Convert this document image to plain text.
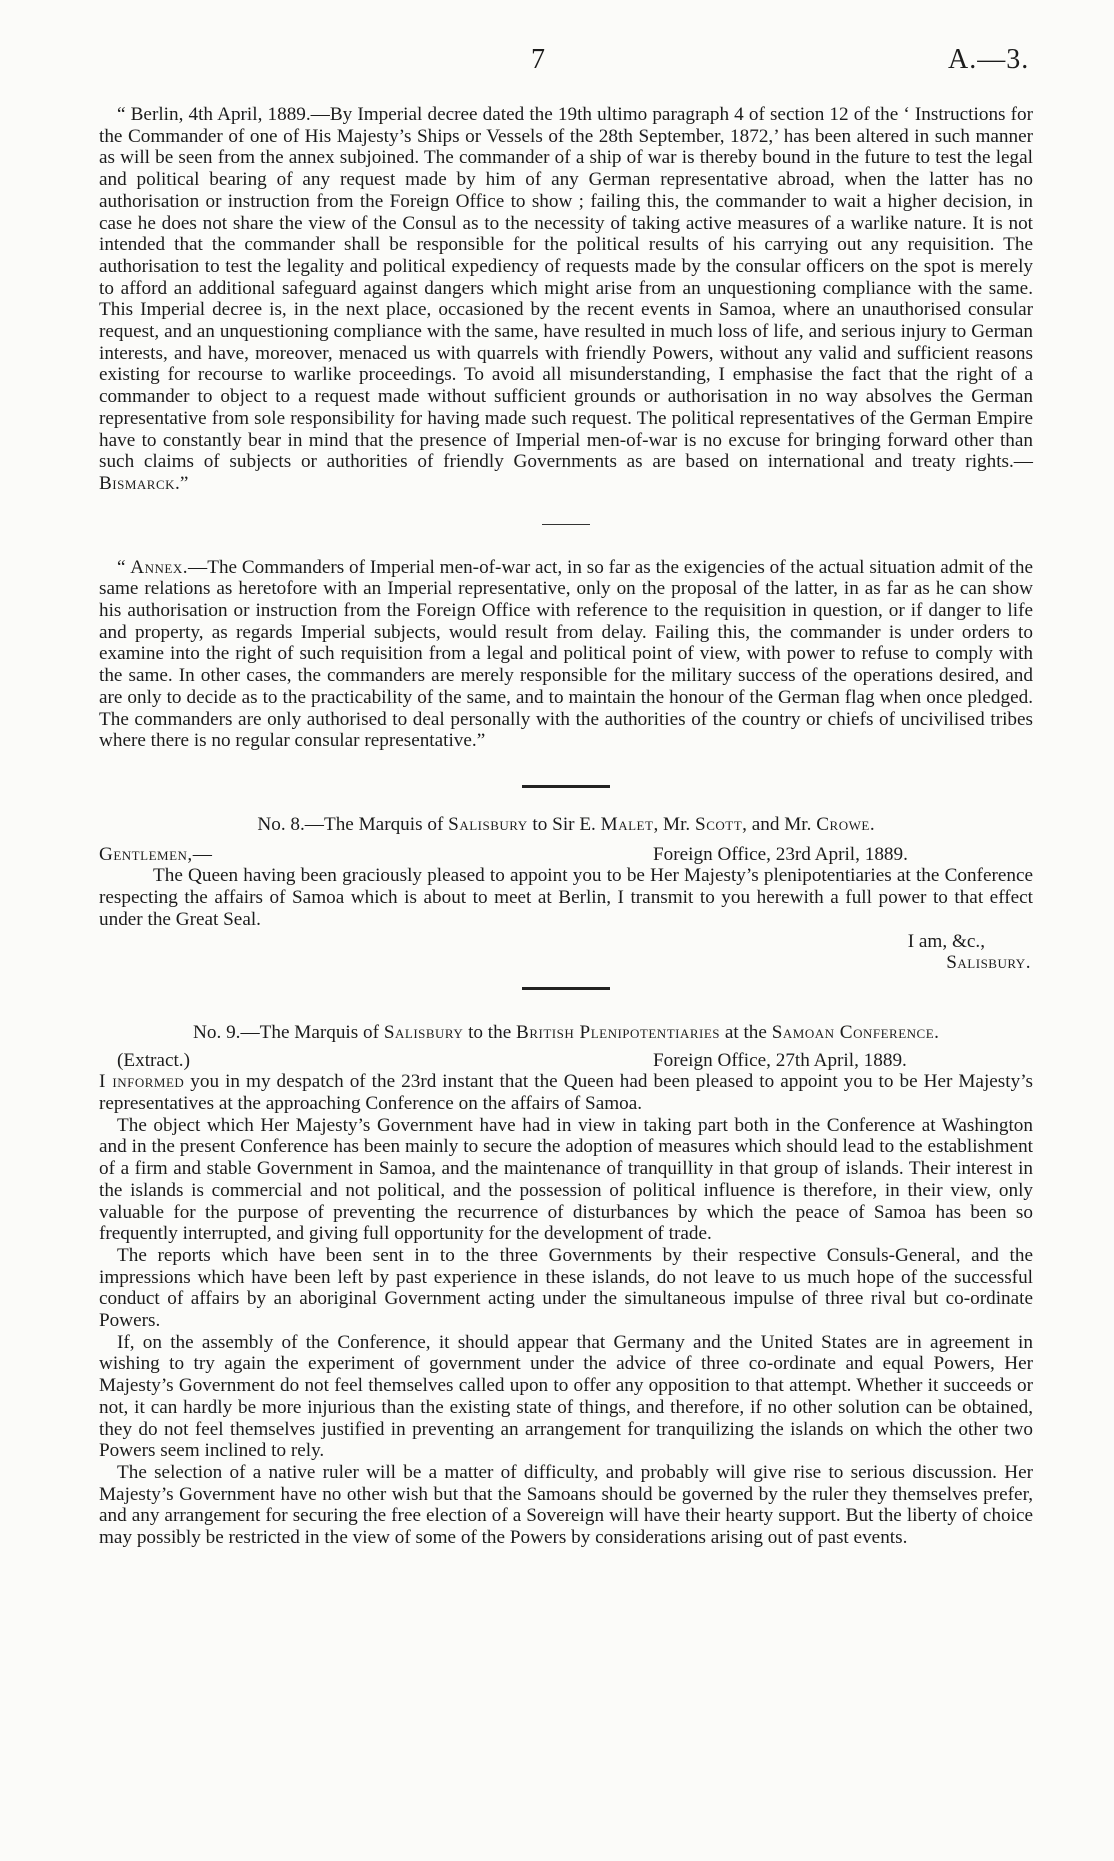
7	A.—3.

“ Berlin, 4th April, 1889.—By Imperial decree dated the 19th ultimo paragraph 4 of section 12 of the ‘ Instructions for the Commander of one of His Majesty’s Ships or Vessels of the 28th September, 1872,’ has been altered in such manner as will be seen from the annex subjoined. The commander of a ship of war is thereby bound in the future to test the legal and political bearing of any request made by him of any German representative abroad, when the latter has no authorisation or instruction from the Foreign Office to show ; failing this, the commander to wait a higher decision, in case he does not share the view of the Consul as to the necessity of taking active measures of a warlike nature. It is not intended that the commander shall be responsible for the political results of his carrying out any requisition. The authorisation to test the legality and political expediency of requests made by the consular officers on the spot is merely to afford an additional safeguard against dangers which might arise from an unquestioning compliance with the same. This Imperial decree is, in the next place, occasioned by the recent events in Samoa, where an unauthorised consular request, and an unquestioning compliance with the same, have resulted in much loss of life, and serious injury to German interests, and have, moreover, menaced us with quarrels with friendly Powers, without any valid and sufficient reasons existing for recourse to warlike proceedings. To avoid all misunderstanding, I emphasise the fact that the right of a commander to object to a request made without sufficient grounds or authorisation in no way absolves the German representative from sole responsibility for having made such request. The political representatives of the German Empire have to constantly bear in mind that the presence of Imperial men-of-war is no excuse for bringing forward other than such claims of subjects or authorities of friendly Governments as are based on international and treaty rights.—Bismarck.”

“ Annex.—The Commanders of Imperial men-of-war act, in so far as the exigencies of the actual situation admit of the same relations as heretofore with an Imperial representative, only on the proposal of the latter, in as far as he can show his authorisation or instruction from the Foreign Office with reference to the requisition in question, or if danger to life and property, as regards Imperial subjects, would result from delay. Failing this, the commander is under orders to examine into the right of such requisition from a legal and political point of view, with power to refuse to comply with the same. In other cases, the commanders are merely responsible for the military success of the operations desired, and are only to decide as to the practicability of the same, and to maintain the honour of the German flag when once pledged. The commanders are only authorised to deal personally with the authorities of the country or chiefs of uncivilised tribes where there is no regular consular representative.”

No. 8.—The Marquis of Salisbury to Sir E. Malet, Mr. Scott, and Mr. Crowe.
Gentlemen,—	Foreign Office, 23rd April, 1889.

The Queen having been graciously pleased to appoint you to be Her Majesty’s plenipotentiaries at the Conference respecting the affairs of Samoa which is about to meet at Berlin, I transmit to you herewith a full power to that effect under the Great Seal.

I am, &c.,
Salisbury.
No. 9.—The Marquis of Salisbury to the British Plenipotentiaries at the Samoan Conference.
(Extract.)	Foreign Office, 27th April, 1889.

I informed you in my despatch of the 23rd instant that the Queen had been pleased to appoint you to be Her Majesty’s representatives at the approaching Conference on the affairs of Samoa.

The object which Her Majesty’s Government have had in view in taking part both in the Conference at Washington and in the present Conference has been mainly to secure the adoption of measures which should lead to the establishment of a firm and stable Government in Samoa, and the maintenance of tranquillity in that group of islands. Their interest in the islands is commercial and not political, and the possession of political influence is therefore, in their view, only valuable for the purpose of preventing the recurrence of disturbances by which the peace of Samoa has been so frequently interrupted, and giving full opportunity for the development of trade.

The reports which have been sent in to the three Governments by their respective Consuls-General, and the impressions which have been left by past experience in these islands, do not leave to us much hope of the successful conduct of affairs by an aboriginal Government acting under the simultaneous impulse of three rival but co-ordinate Powers.

If, on the assembly of the Conference, it should appear that Germany and the United States are in agreement in wishing to try again the experiment of government under the advice of three co-ordinate and equal Powers, Her Majesty’s Government do not feel themselves called upon to offer any opposition to that attempt. Whether it succeeds or not, it can hardly be more injurious than the existing state of things, and therefore, if no other solution can be obtained, they do not feel themselves justified in preventing an arrangement for tranquilizing the islands on which the other two Powers seem inclined to rely.

The selection of a native ruler will be a matter of difficulty, and probably will give rise to serious discussion. Her Majesty’s Government have no other wish but that the Samoans should be governed by the ruler they themselves prefer, and any arrangement for securing the free election of a Sovereign will have their hearty support. But the liberty of choice may possibly be restricted in the view of some of the Powers by considerations arising out of past events.
